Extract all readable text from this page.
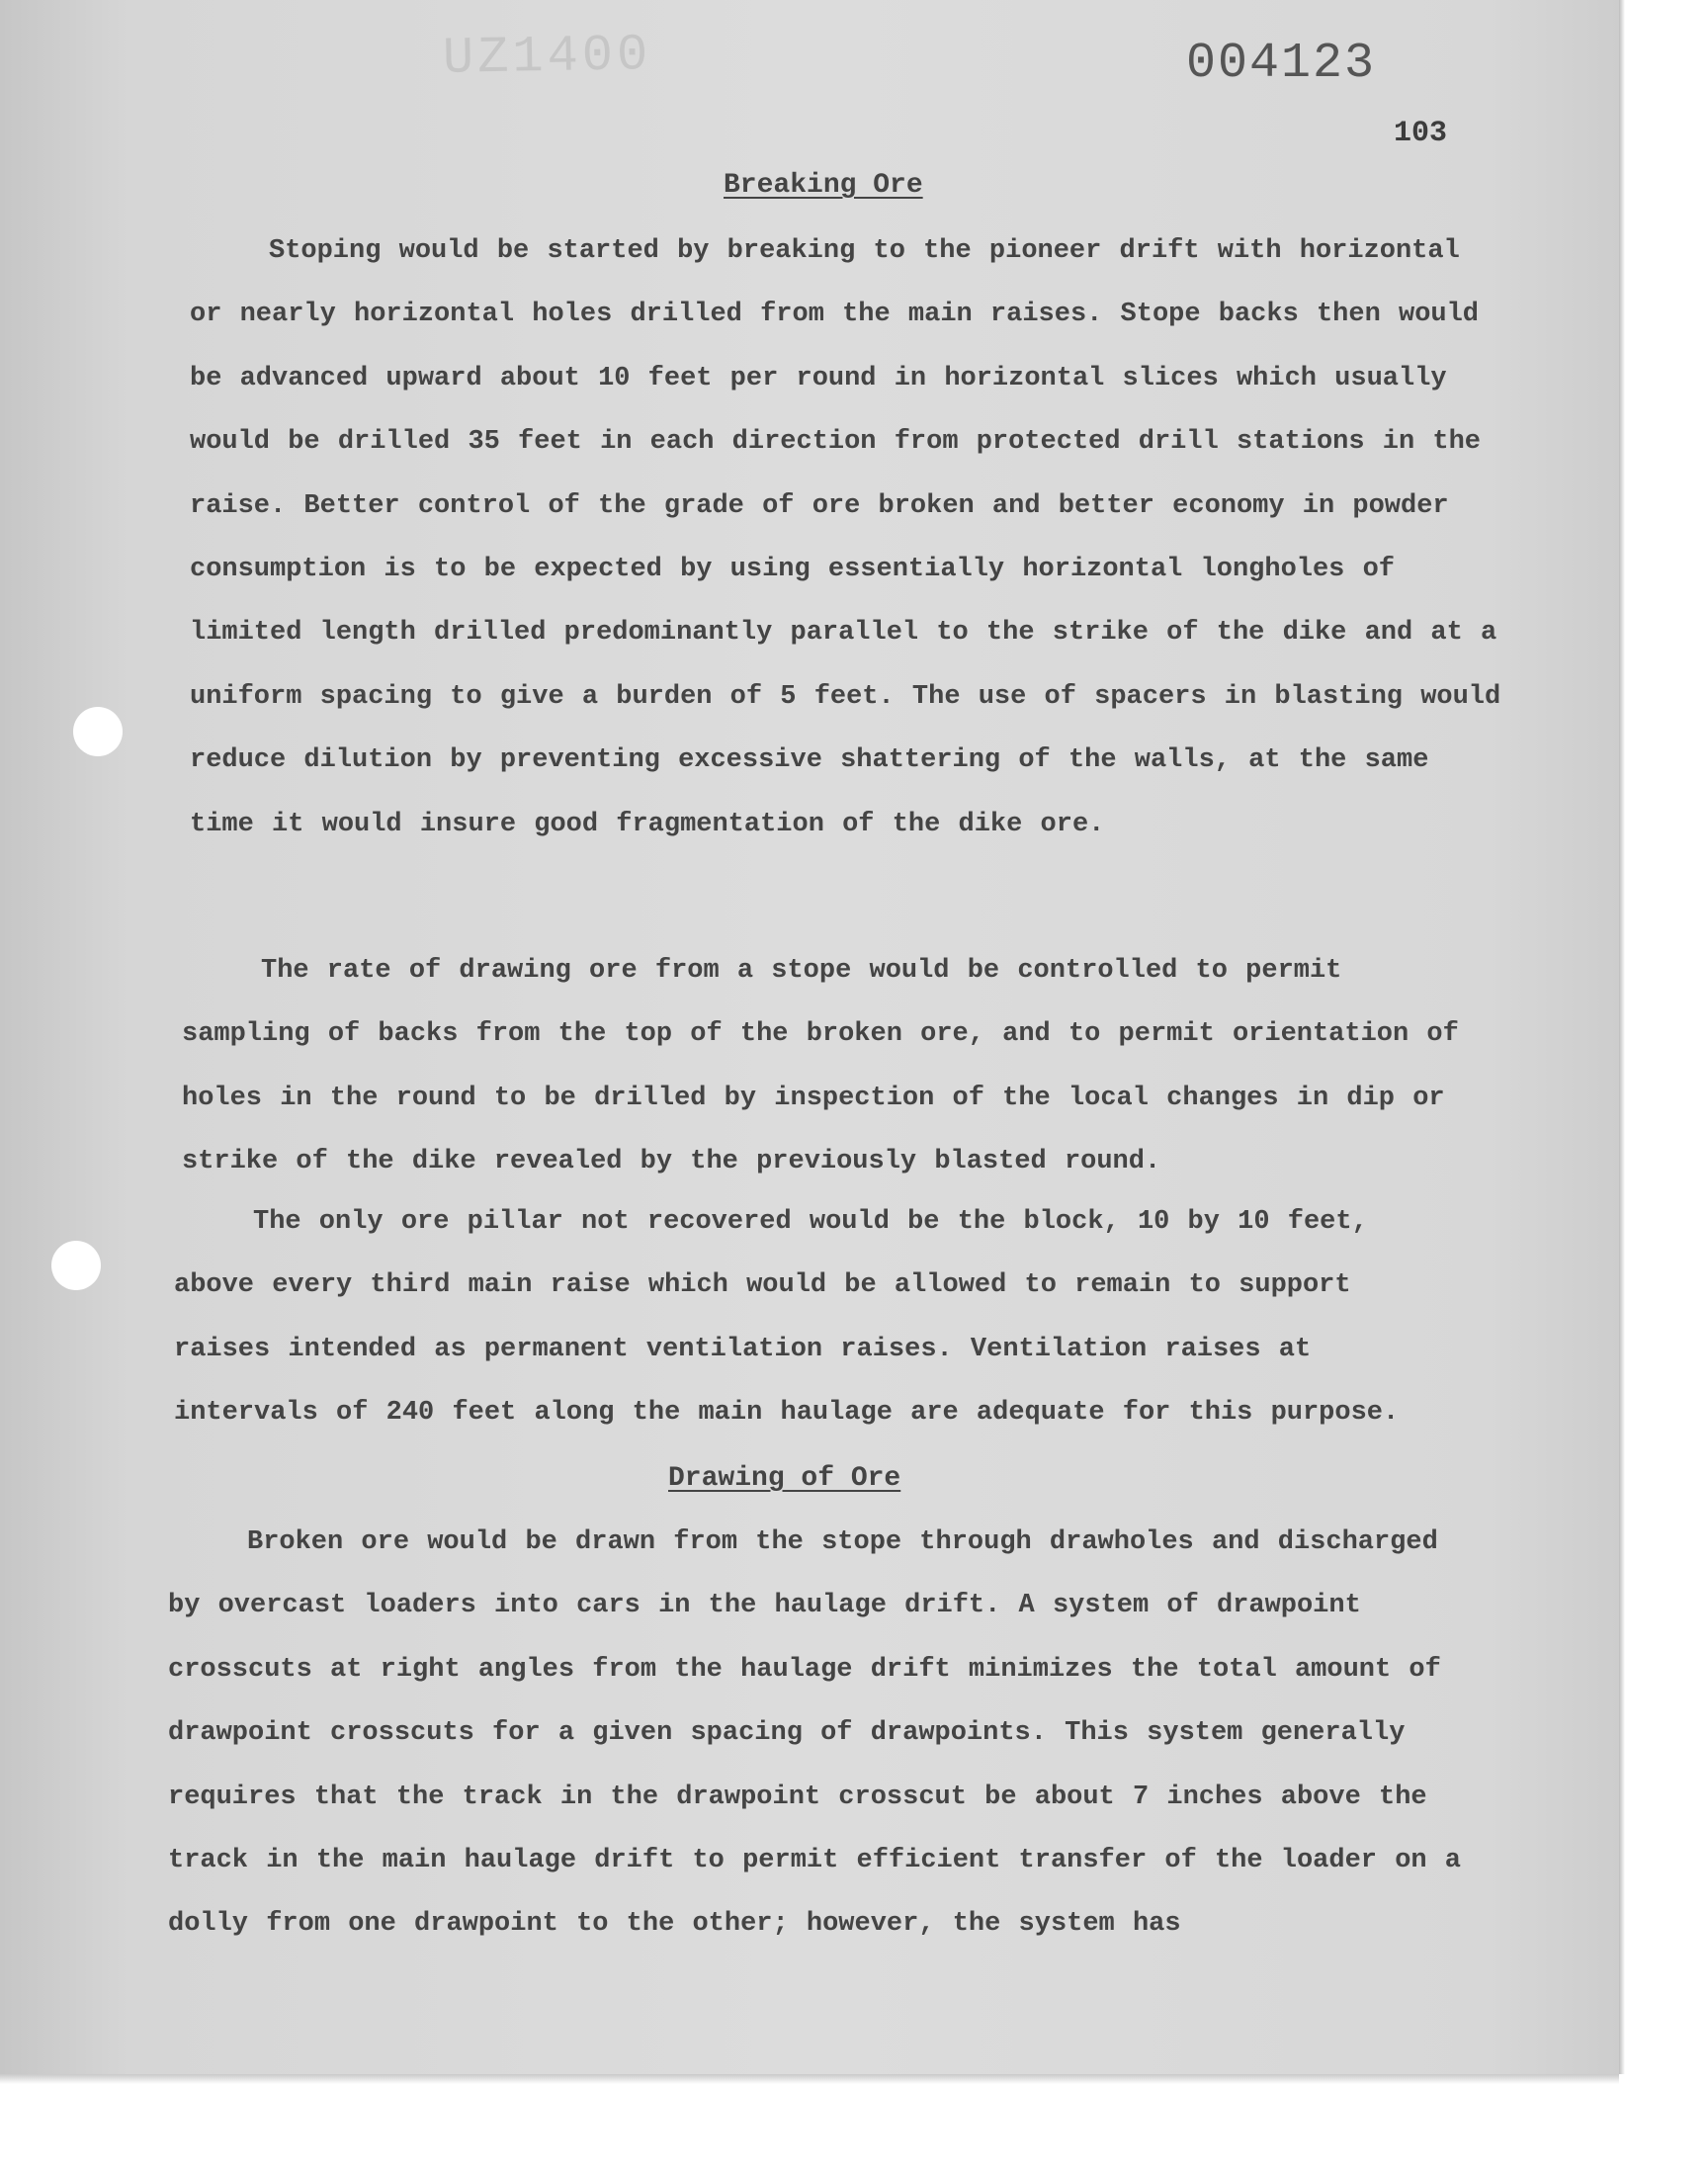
UZ1400	004123
103
Breaking Ore
Stoping would be started by breaking to the pioneer drift with horizontal or nearly horizontal holes drilled from the main raises. Stope backs then would be advanced upward about 10 feet per round in horizontal slices which usually would be drilled 35 feet in each direction from protected drill stations in the raise. Better control of the grade of ore broken and better economy in powder consumption is to be expected by using essentially horizontal longholes of limited length drilled predominantly parallel to the strike of the dike and at a uniform spacing to give a burden of 5 feet. The use of spacers in blasting would reduce dilution by preventing excessive shattering of the walls, at the same time it would insure good fragmentation of the dike ore.
The rate of drawing ore from a stope would be controlled to permit sampling of backs from the top of the broken ore, and to permit orientation of holes in the round to be drilled by inspection of the local changes in dip or strike of the dike revealed by the previously blasted round.
The only ore pillar not recovered would be the block, 10 by 10 feet, above every third main raise which would be allowed to remain to support raises intended as permanent ventilation raises. Ventilation raises at intervals of 240 feet along the main haulage are adequate for this purpose.
Drawing of Ore
Broken ore would be drawn from the stope through drawholes and discharged by overcast loaders into cars in the haulage drift. A system of drawpoint crosscuts at right angles from the haulage drift minimizes the total amount of drawpoint crosscuts for a given spacing of drawpoints. This system generally requires that the track in the drawpoint crosscut be about 7 inches above the track in the main haulage drift to permit efficient transfer of the loader on a dolly from one drawpoint to the other; however, the system has
